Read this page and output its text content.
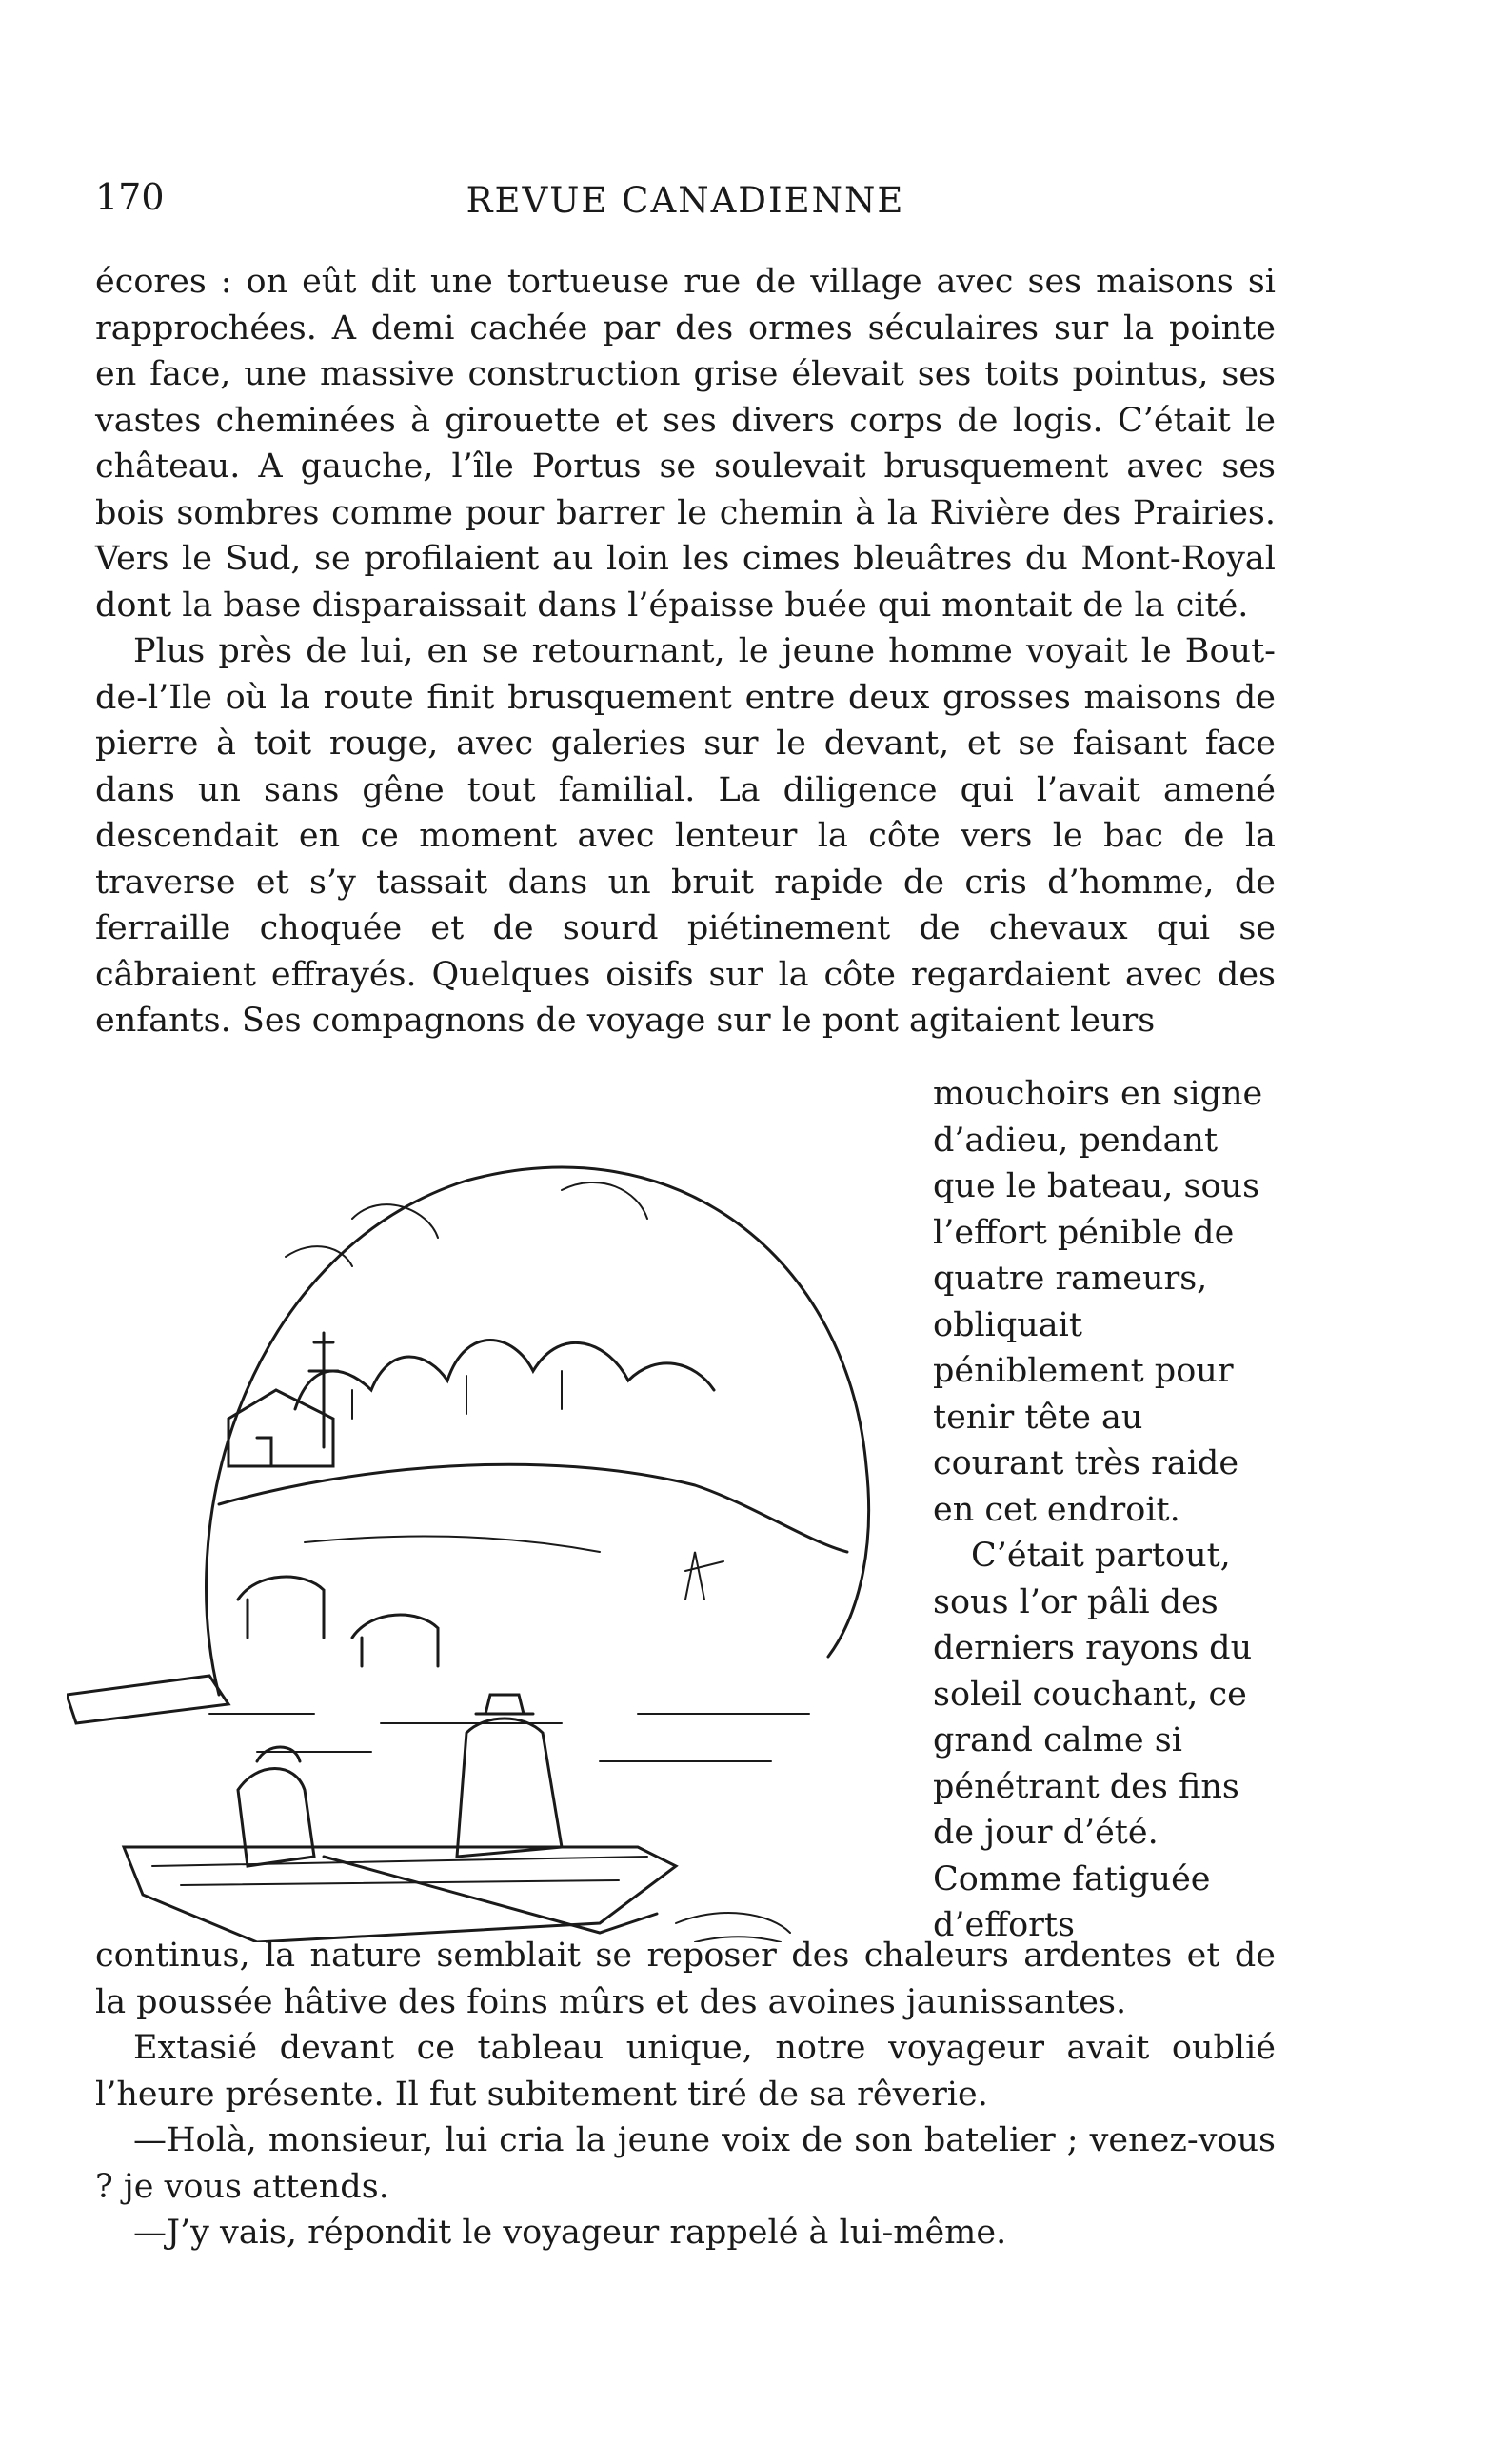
170	REVUE CANADIENNE

écores : on eût dit une tortueuse rue de village avec ses maisons si rapprochées. A demi cachée par des ormes séculaires sur la pointe en face, une massive construction grise élevait ses toits pointus, ses vastes cheminées à girouette et ses divers corps de logis. C’était le château. A gauche, l’île Portus se soulevait brusquement avec ses bois sombres comme pour barrer le chemin à la Rivière des Prairies. Vers le Sud, se profilaient au loin les cimes bleuâtres du Mont-Royal dont la base disparaissait dans l’épaisse buée qui montait de la cité.

Plus près de lui, en se retournant, le jeune homme voyait le Bout-de-l’Ile où la route finit brusquement entre deux grosses maisons de pierre à toit rouge, avec galeries sur le devant, et se faisant face dans un sans gêne tout familial. La diligence qui l’avait amené descendait en ce moment avec lenteur la côte vers le bac de la traverse et s’y tassait dans un bruit rapide de cris d’homme, de ferraille choquée et de sourd piétinement de chevaux qui se câbraient effrayés. Quelques oisifs sur la côte regardaient avec des enfants. Ses compagnons de voyage sur le pont agitaient leurs

mouchoirs en signe d’adieu, pendant que le bateau, sous l’effort pénible de quatre rameurs, obliquait péniblement pour tenir tête au courant très raide en cet endroit.

C’était partout, sous l’or pâli des derniers rayons du soleil couchant, ce grand calme si pénétrant des fins de jour d’été. Comme fatiguée d’efforts

continus, la nature semblait se reposer des chaleurs ardentes et de la poussée hâtive des foins mûrs et des avoines jaunissantes.

Extasié devant ce tableau unique, notre voyageur avait oublié l’heure présente. Il fut subitement tiré de sa rêverie.

—Holà, monsieur, lui cria la jeune voix de son batelier ; venez-vous ? je vous attends.

—J’y vais, répondit le voyageur rappelé à lui-même.
